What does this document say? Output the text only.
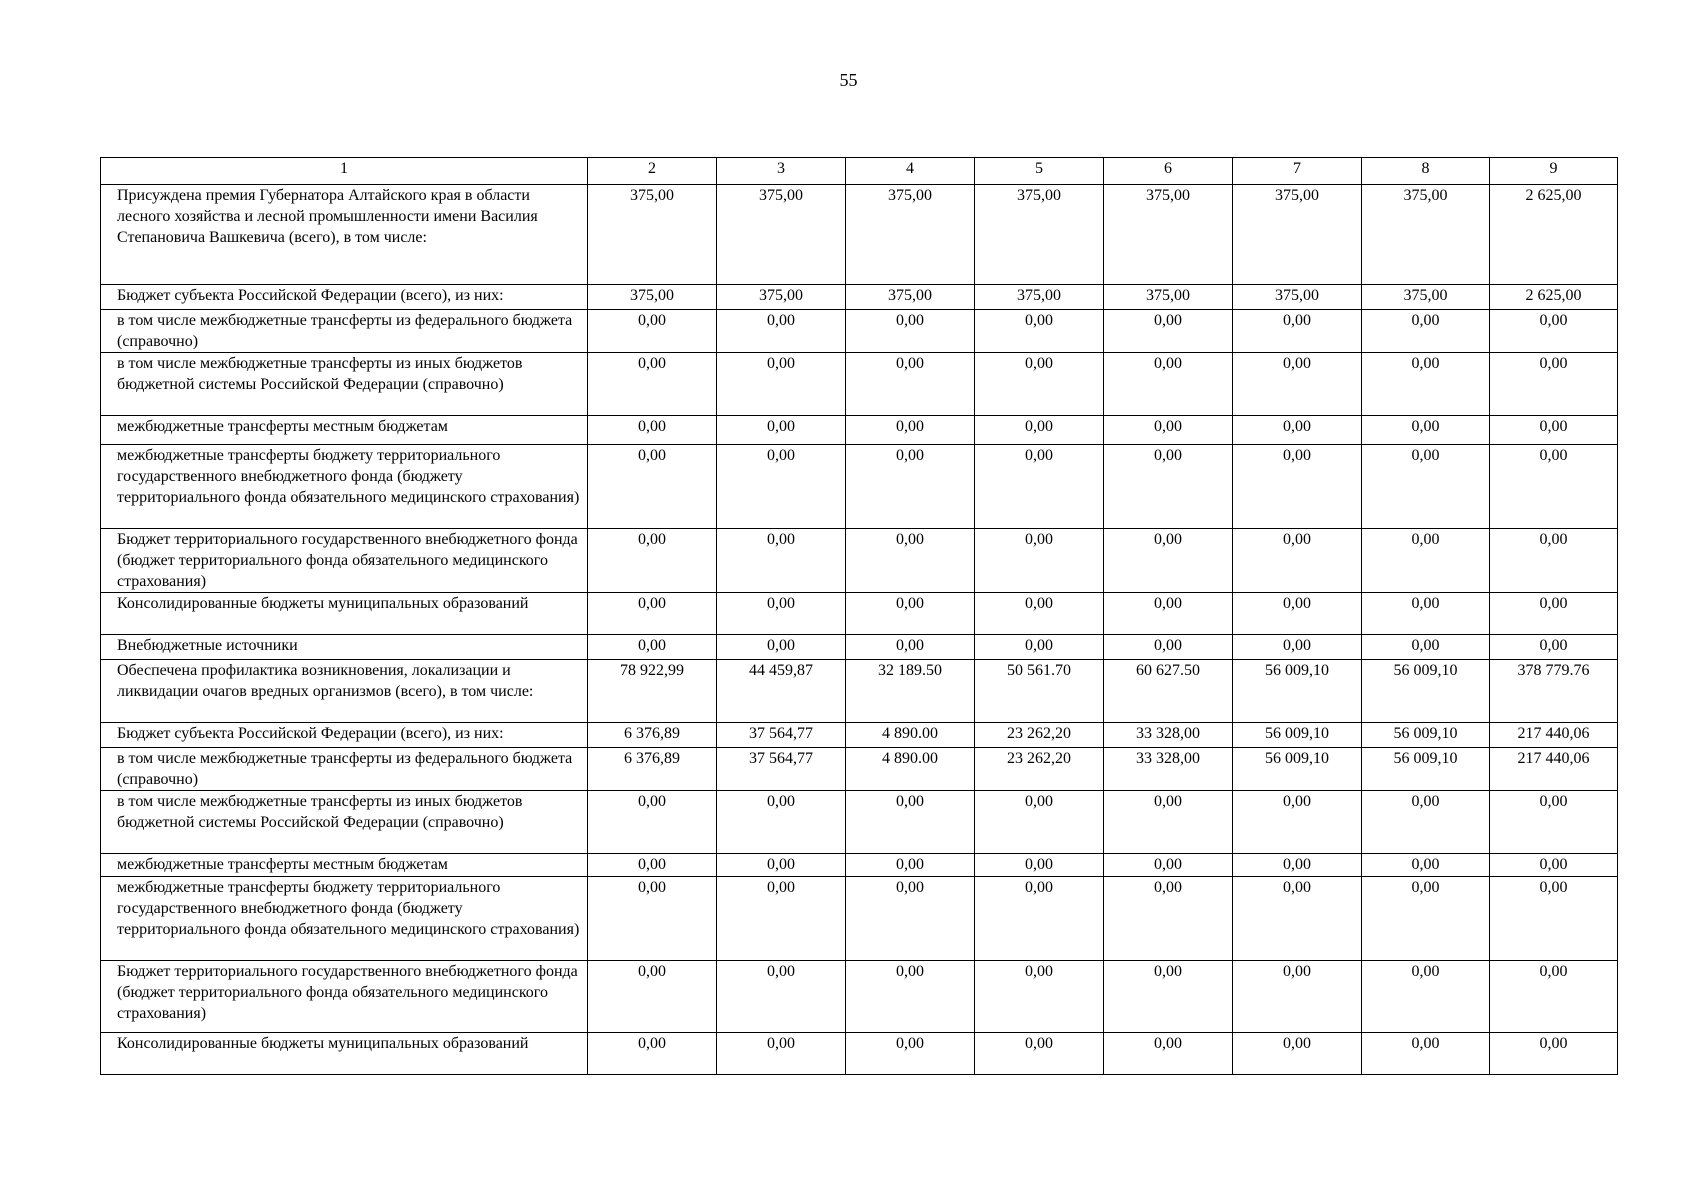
55
1	2	3	4	5	6	7	8	9
Присуждена премия Губернатора Алтайского края в области лесного хозяйства и лесной промышленности имени Василия Степановича Вашкевича (всего), в том числе:	375,00	375,00	375,00	375,00	375,00	375,00	375,00	2 625,00
Бюджет субъекта Российской Федерации (всего), из них:	375,00	375,00	375,00	375,00	375,00	375,00	375,00	2 625,00
в том числе межбюджетные трансферты из федерального бюджета (справочно)	0,00	0,00	0,00	0,00	0,00	0,00	0,00	0,00
в том числе межбюджетные трансферты из иных бюджетов бюджетной системы Российской Федерации (справочно)	0,00	0,00	0,00	0,00	0,00	0,00	0,00	0,00
межбюджетные трансферты местным бюджетам	0,00	0,00	0,00	0,00	0,00	0,00	0,00	0,00
межбюджетные трансферты бюджету территориального государственного внебюджетного фонда (бюджету территориального фонда обязательного медицинского страхования)	0,00	0,00	0,00	0,00	0,00	0,00	0,00	0,00
Бюджет территориального государственного внебюджетного фонда (бюджет территориального фонда обязательного медицинского страхования)	0,00	0,00	0,00	0,00	0,00	0,00	0,00	0,00
Консолидированные бюджеты муниципальных образований	0,00	0,00	0,00	0,00	0,00	0,00	0,00	0,00
Внебюджетные источники	0,00	0,00	0,00	0,00	0,00	0,00	0,00	0,00
Обеспечена профилактика возникновения, локализации и ликвидации очагов вредных организмов (всего), в том числе:	78 922,99	44 459,87	32 189.50	50 561.70	60 627.50	56 009,10	56 009,10	378 779.76
Бюджет субъекта Российской Федерации (всего), из них:	6 376,89	37 564,77	4 890.00	23 262,20	33 328,00	56 009,10	56 009,10	217 440,06
в том числе межбюджетные трансферты из федерального бюджета (справочно)	6 376,89	37 564,77	4 890.00	23 262,20	33 328,00	56 009,10	56 009,10	217 440,06
в том числе межбюджетные трансферты из иных бюджетов бюджетной системы Российской Федерации (справочно)	0,00	0,00	0,00	0,00	0,00	0,00	0,00	0,00
межбюджетные трансферты местным бюджетам	0,00	0,00	0,00	0,00	0,00	0,00	0,00	0,00
межбюджетные трансферты бюджету территориального государственного внебюджетного фонда (бюджету территориального фонда обязательного медицинского страхования)	0,00	0,00	0,00	0,00	0,00	0,00	0,00	0,00
Бюджет территориального государственного внебюджетного фонда (бюджет территориального фонда обязательного медицинского страхования)	0,00	0,00	0,00	0,00	0,00	0,00	0,00	0,00
Консолидированные бюджеты муниципальных образований	0,00	0,00	0,00	0,00	0,00	0,00	0,00	0,00
